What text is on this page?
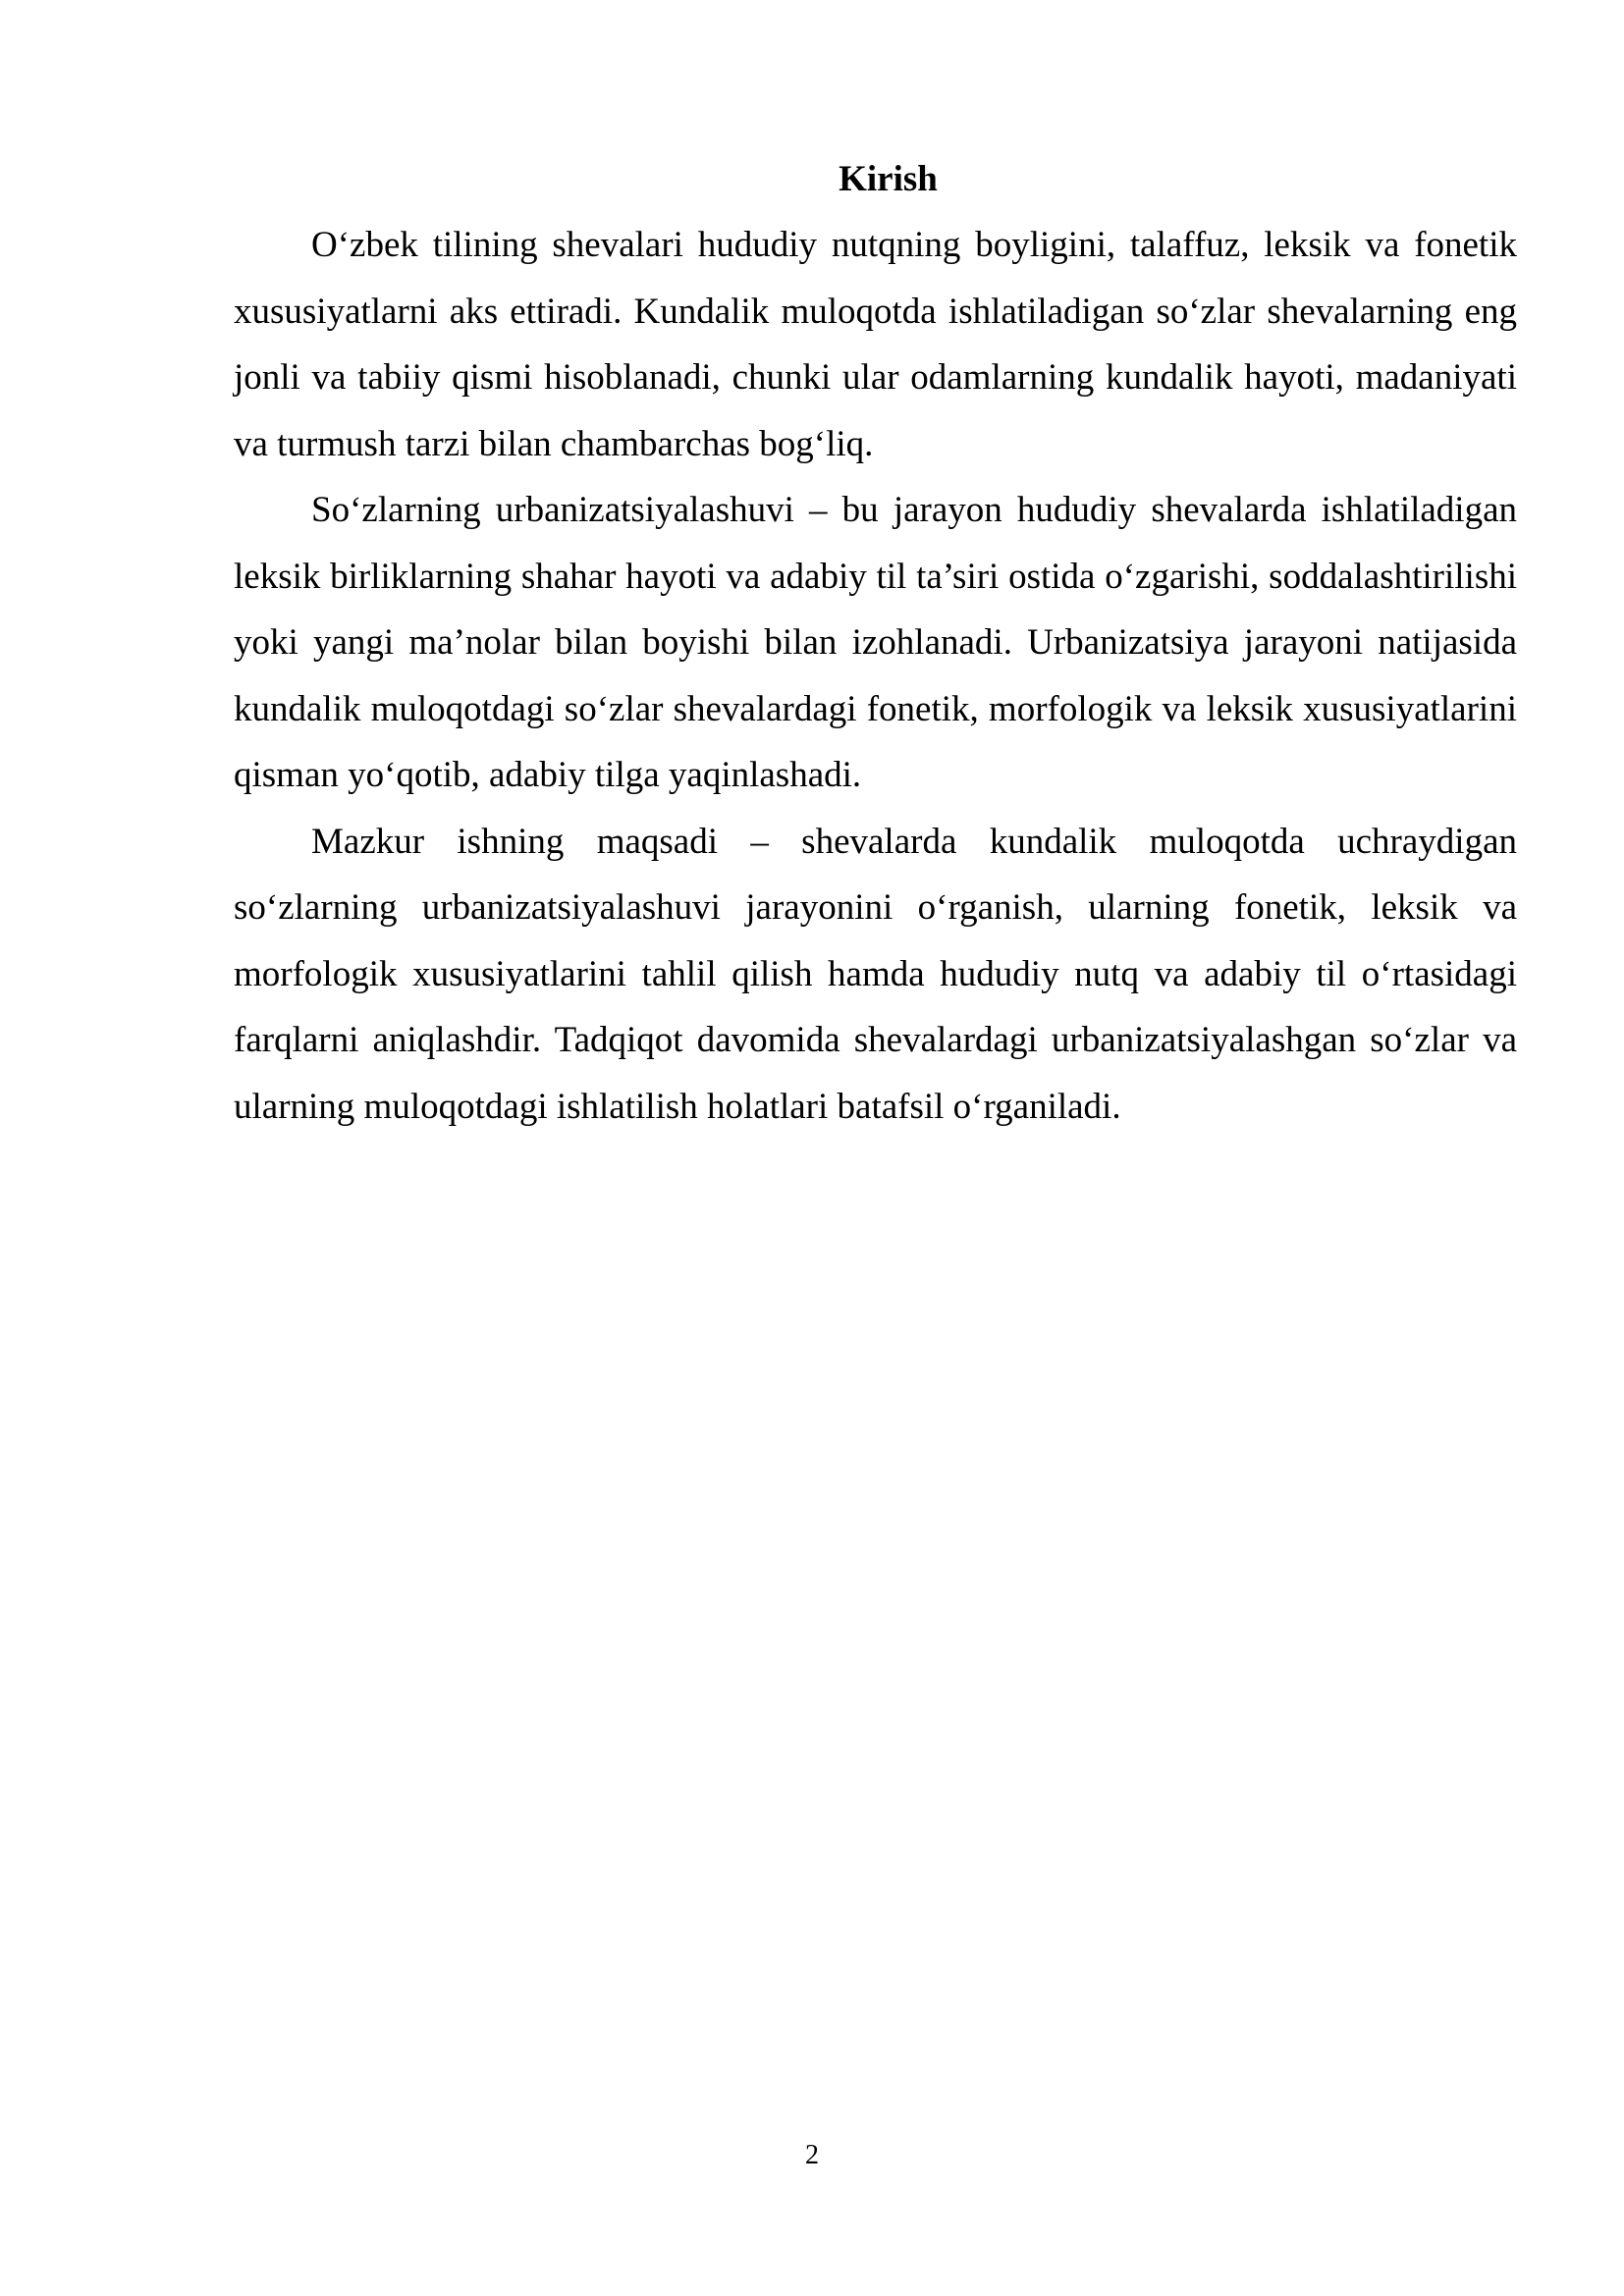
Kirish

O‘zbek tilining shevalari hududiy nutqning boyligini, talaffuz, leksik va fonetik xususiyatlarni aks ettiradi. Kundalik muloqotda ishlatiladigan so‘zlar shevalarning eng jonli va tabiiy qismi hisoblanadi, chunki ular odamlarning kundalik hayoti, madaniyati va turmush tarzi bilan chambarchas bog‘liq.

So‘zlarning urbanizatsiyalashuvi – bu jarayon hududiy shevalarda ishlatiladigan leksik birliklarning shahar hayoti va adabiy til ta’siri ostida o‘zgarishi, soddalashtirilishi yoki yangi ma’nolar bilan boyishi bilan izohlanadi. Urbanizatsiya jarayoni natijasida kundalik muloqotdagi so‘zlar shevalardagi fonetik, morfologik va leksik xususiyatlarini qisman yo‘qotib, adabiy tilga yaqinlashadi.

Mazkur ishning maqsadi – shevalarda kundalik muloqotda uchraydigan so‘zlarning urbanizatsiyalashuvi jarayonini o‘rganish, ularning fonetik, leksik va morfologik xususiyatlarini tahlil qilish hamda hududiy nutq va adabiy til o‘rtasidagi farqlarni aniqlashdir. Tadqiqot davomida shevalardagi urbanizatsiyalashgan so‘zlar va ularning muloqotdagi ishlatilish holatlari batafsil o‘rganiladi.

2
